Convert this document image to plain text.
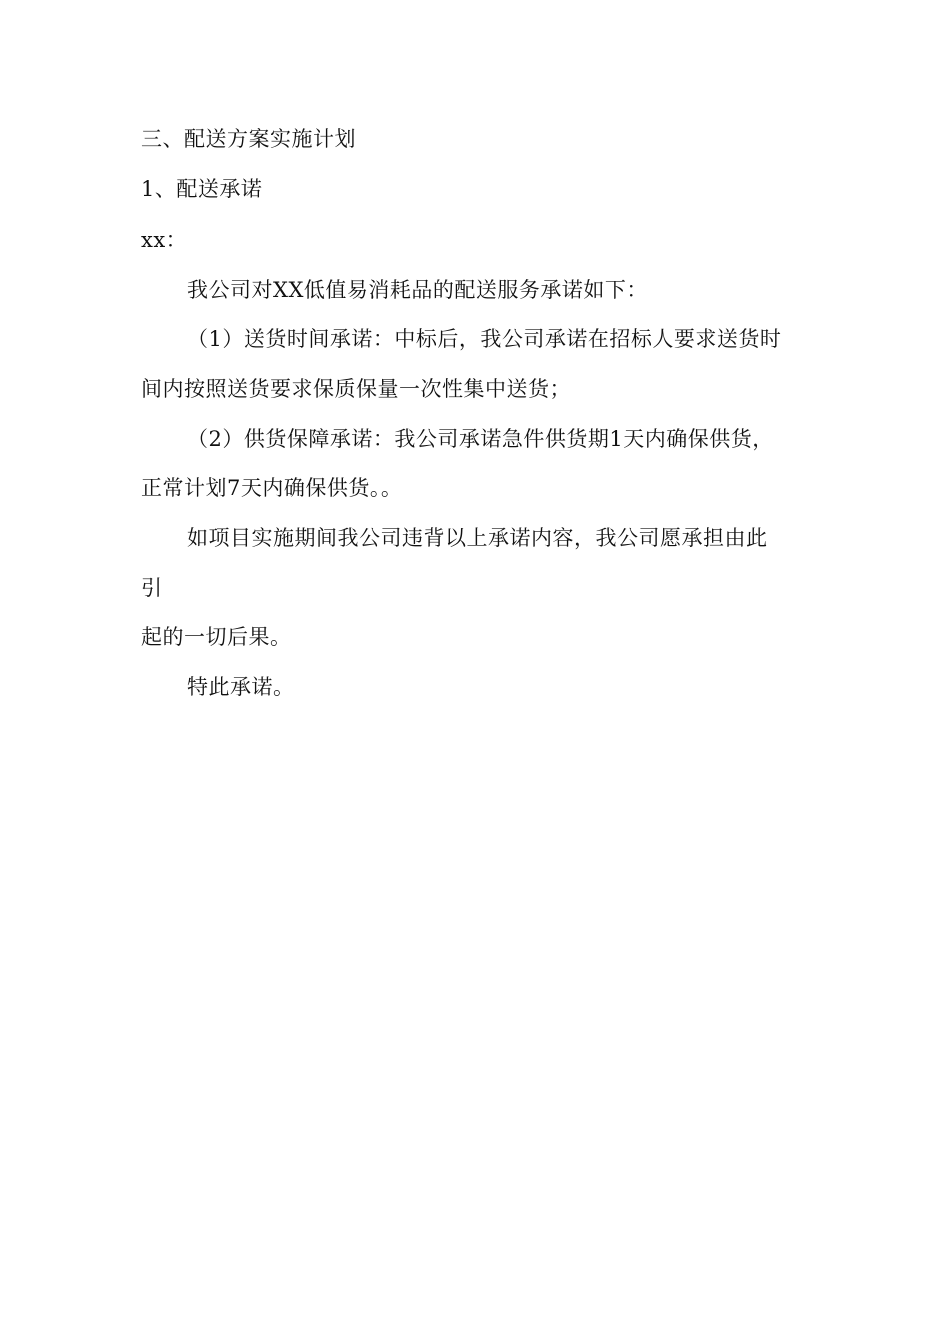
三、配送方案实施计划
1、配送承诺
xx：
我公司对XX低值易消耗品的配送服务承诺如下：
（1）送货时间承诺：中标后，我公司承诺在招标人要求送货时
间内按照送货要求保质保量一次性集中送货；
（2）供货保障承诺：我公司承诺急件供货期1天内确保供货，
正常计划7天内确保供货。。
如项目实施期间我公司违背以上承诺内容，我公司愿承担由此
引
起的一切后果。
特此承诺。
